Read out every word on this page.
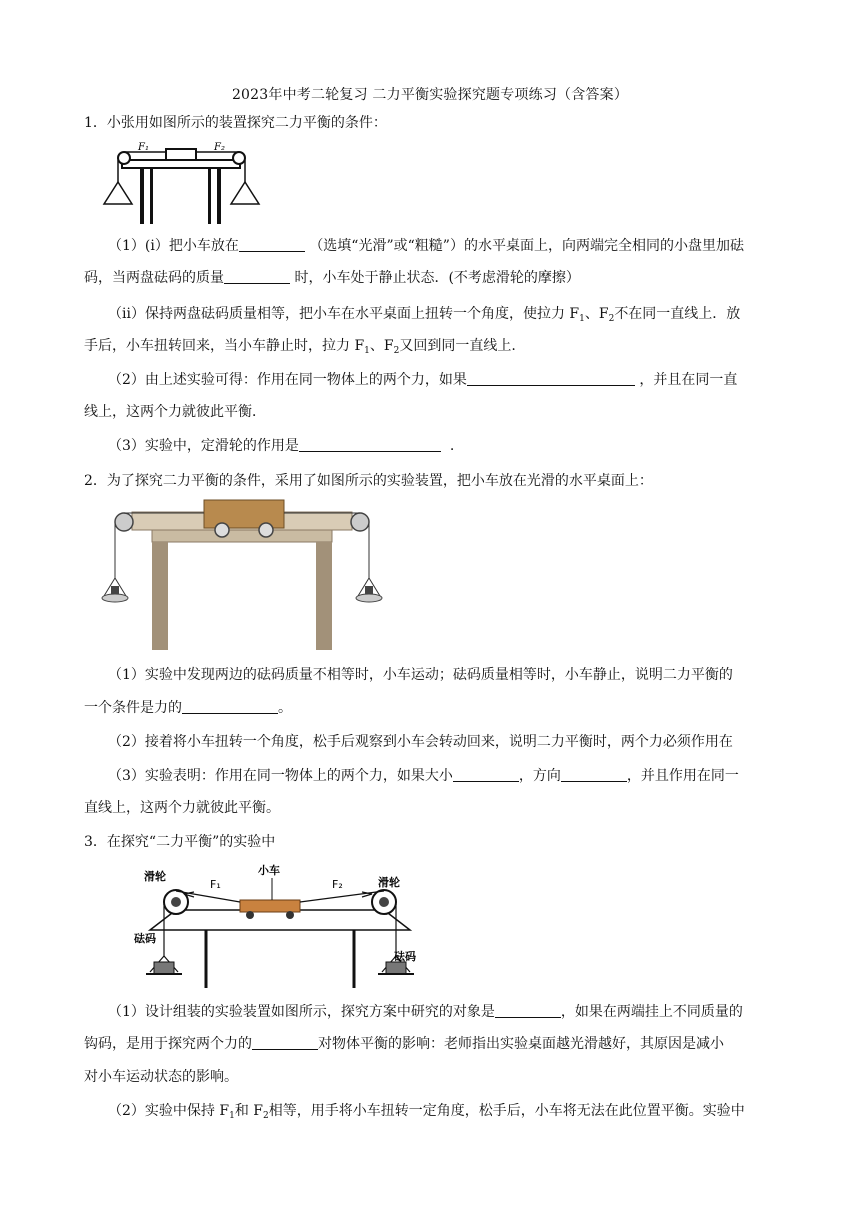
2023年中考二轮复习 二力平衡实验探究题专项练习（含答案）
1．小张用如图所示的装置探究二力平衡的条件：
F₁	F₂
（1）(ⅰ）把小车放在	（选填“光滑”或“粗糙”）的水平桌面上，向两端完全相同的小盘里加砝
码，当两盘砝码的质量	时，小车处于静止状态．(不考虑滑轮的摩擦）
（ⅱ）保持两盘砝码质量相等，把小车在水平桌面上扭转一个角度，使拉力 $F_1$、$F_2$不在同一直线上．放
手后，小车扭转回来，当小车静止时，拉力 $F_1$、$F_2$又回到同一直线上.
（2）由上述实验可得：作用在同一物体上的两个力，如果	，并且在同一直
线上，这两个力就彼此平衡．
（3）实验中，定滑轮的作用是	.
2．为了探究二力平衡的条件，采用了如图所示的实验装置，把小车放在光滑的水平桌面上：
（1）实验中发现两边的砝码质量不相等时，小车运动；砝码质量相等时，小车静止，说明二力平衡的
一个条件是力的	。
（2）接着将小车扭转一个角度，松手后观察到小车会转动回来，说明二力平衡时，两个力必须作用在
（3）实验表明：作用在同一物体上的两个力，如果大小	，方向	，并且作用在同一
直线上，这两个力就彼此平衡。
3．在探究“二力平衡”的实验中
滑轮	滑轮
小车
F₁	F₂
砝码
砝码
（1）设计组装的实验装置如图所示，探究方案中研究的对象是	，如果在两端挂上不同质量的
钩码，是用于探究两个力的	对物体平衡的影响：老师指出实验桌面越光滑越好，其原因是减小
对小车运动状态的影响。
（2）实验中保持 $F_1$和 $F_2$相等，用手将小车扭转一定角度，松手后，小车将无法在此位置平衡。实验中
